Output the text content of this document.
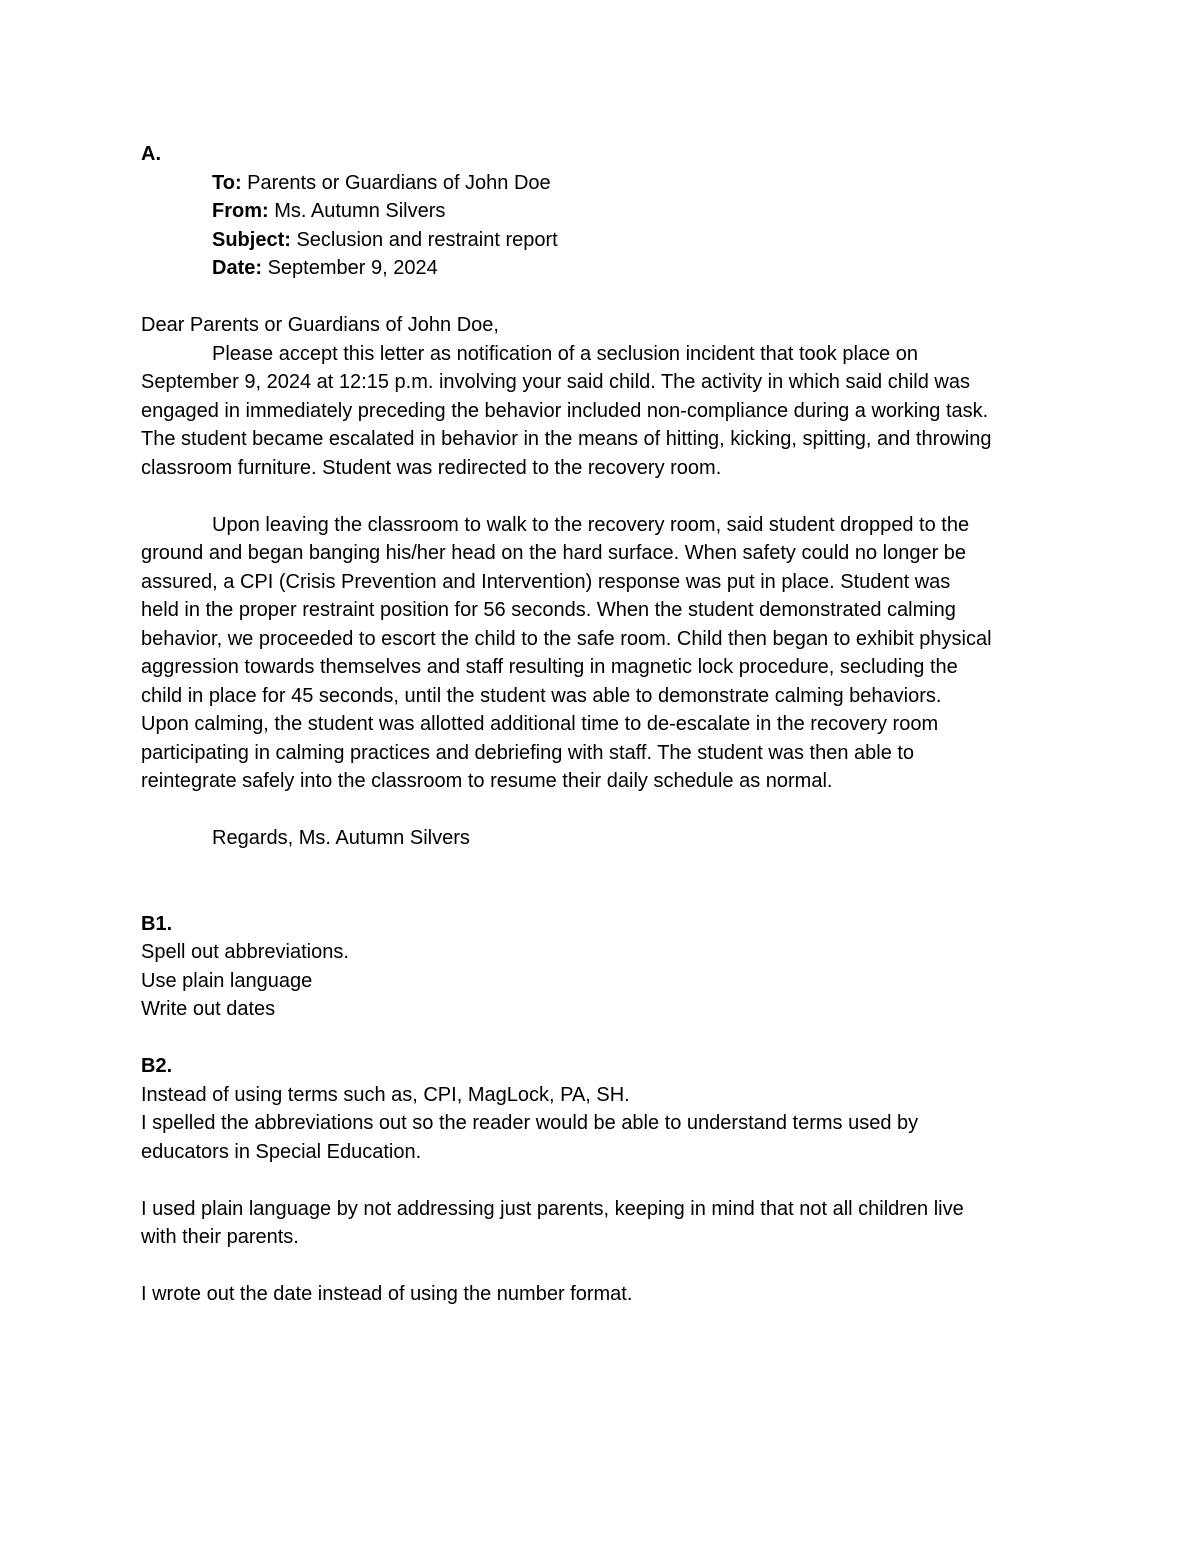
A.
To: Parents or Guardians of John Doe
From: Ms. Autumn Silvers
Subject: Seclusion and restraint report
Date: September 9, 2024
Dear Parents or Guardians of John Doe,
Please accept this letter as notification of a seclusion incident that took place on
September 9, 2024 at 12:15 p.m. involving your said child. The activity in which said child was
engaged in immediately preceding the behavior included non-compliance during a working task.
The student became escalated in behavior in the means of hitting, kicking, spitting, and throwing
classroom furniture. Student was redirected to the recovery room.
Upon leaving the classroom to walk to the recovery room, said student dropped to the
ground and began banging his/her head on the hard surface. When safety could no longer be
assured, a CPI (Crisis Prevention and Intervention) response was put in place. Student was
held in the proper restraint position for 56 seconds. When the student demonstrated calming
behavior, we proceeded to escort the child to the safe room. Child then began to exhibit physical
aggression towards themselves and staff resulting in magnetic lock procedure, secluding the
child in place for 45 seconds, until the student was able to demonstrate calming behaviors.
Upon calming, the student was allotted additional time to de-escalate in the recovery room
participating in calming practices and debriefing with staff. The student was then able to
reintegrate safely into the classroom to resume their daily schedule as normal.
Regards, Ms. Autumn Silvers
B1.
Spell out abbreviations.
Use plain language
Write out dates
B2.
Instead of using terms such as, CPI, MagLock, PA, SH.
I spelled the abbreviations out so the reader would be able to understand terms used by
educators in Special Education.
I used plain language by not addressing just parents, keeping in mind that not all children live
with their parents.
I wrote out the date instead of using the number format.
